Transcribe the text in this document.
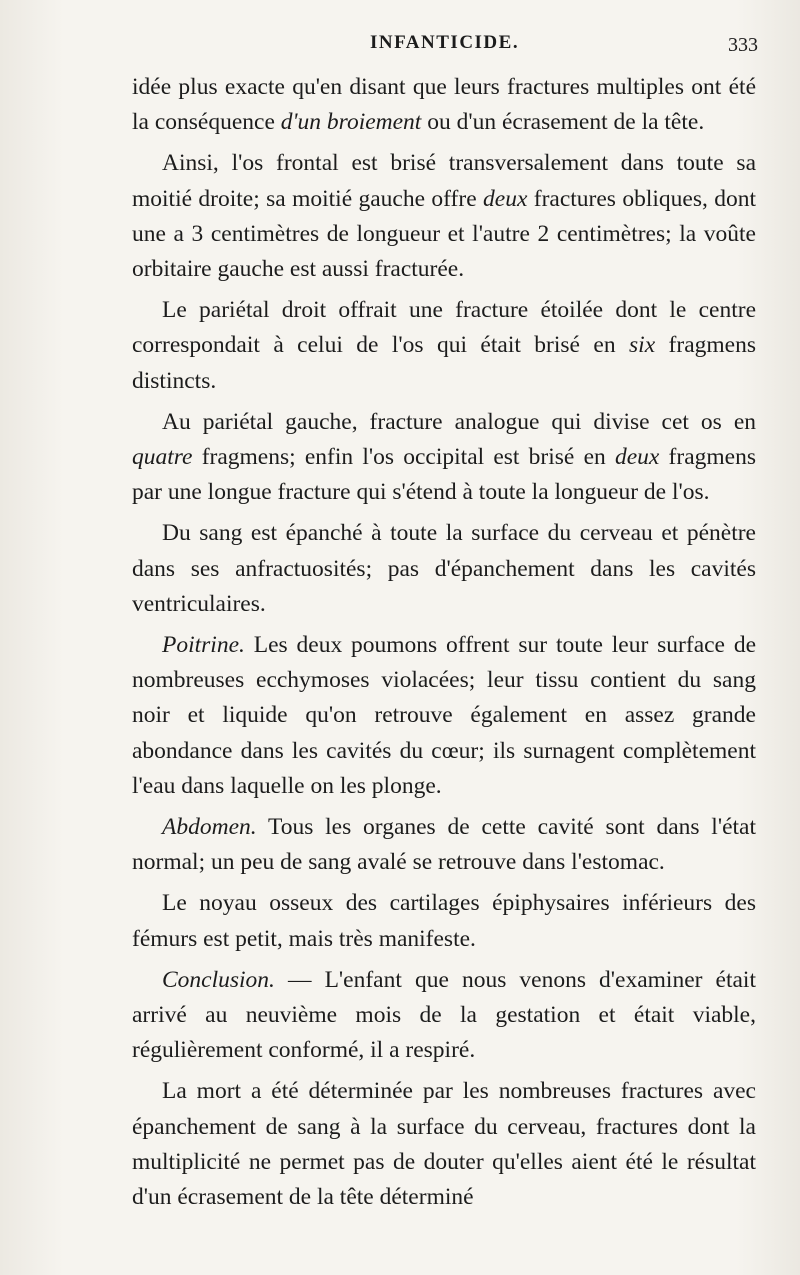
INFANTICIDE.	333

idée plus exacte qu'en disant que leurs fractures multiples ont été la conséquence d'un broiement ou d'un écrasement de la tête.

Ainsi, l'os frontal est brisé transversalement dans toute sa moitié droite; sa moitié gauche offre deux fractures obliques, dont une a 3 centimètres de longueur et l'autre 2 centimètres; la voûte orbitaire gauche est aussi fracturée.

Le pariétal droit offrait une fracture étoilée dont le centre correspondait à celui de l'os qui était brisé en six fragmens distincts.

Au pariétal gauche, fracture analogue qui divise cet os en quatre fragmens; enfin l'os occipital est brisé en deux fragmens par une longue fracture qui s'étend à toute la longueur de l'os.

Du sang est épanché à toute la surface du cerveau et pénètre dans ses anfractuosités; pas d'épanchement dans les cavités ventriculaires.

Poitrine. Les deux poumons offrent sur toute leur surface de nombreuses ecchymoses violacées; leur tissu contient du sang noir et liquide qu'on retrouve également en assez grande abondance dans les cavités du cœur; ils surnagent complètement l'eau dans laquelle on les plonge.

Abdomen. Tous les organes de cette cavité sont dans l'état normal; un peu de sang avalé se retrouve dans l'estomac.

Le noyau osseux des cartilages épiphysaires inférieurs des fémurs est petit, mais très manifeste.

Conclusion. — L'enfant que nous venons d'examiner était arrivé au neuvième mois de la gestation et était viable, régulièrement conformé, il a respiré.

La mort a été déterminée par les nombreuses fractures avec épanchement de sang à la surface du cerveau, fractures dont la multiplicité ne permet pas de douter qu'elles aient été le résultat d'un écrasement de la tête déterminé
